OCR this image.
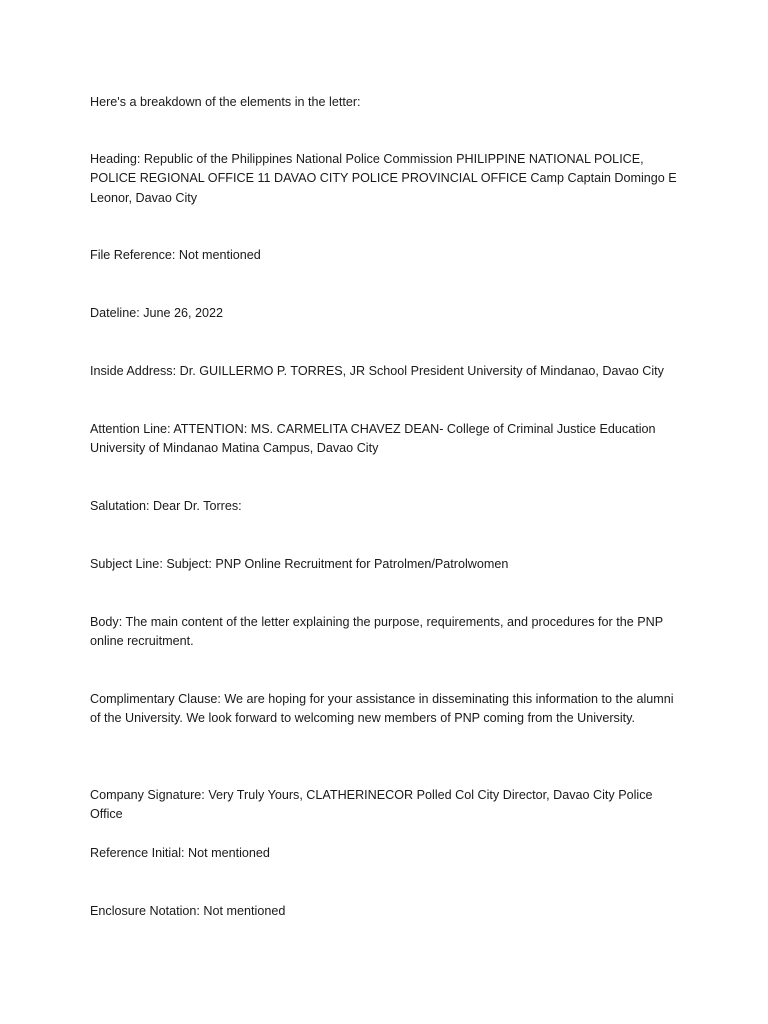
Here's a breakdown of the elements in the letter:

Heading: Republic of the Philippines National Police Commission PHILIPPINE NATIONAL POLICE, POLICE REGIONAL OFFICE 11 DAVAO CITY POLICE PROVINCIAL OFFICE Camp Captain Domingo E Leonor, Davao City

File Reference: Not mentioned

Dateline: June 26, 2022

Inside Address: Dr. GUILLERMO P. TORRES, JR School President University of Mindanao, Davao City

Attention Line: ATTENTION: MS. CARMELITA CHAVEZ DEAN- College of Criminal Justice Education University of Mindanao Matina Campus, Davao City

Salutation: Dear Dr. Torres:

Subject Line: Subject: PNP Online Recruitment for Patrolmen/Patrolwomen

Body: The main content of the letter explaining the purpose, requirements, and procedures for the PNP online recruitment.

Complimentary Clause: We are hoping for your assistance in disseminating this information to the alumni of the University. We look forward to welcoming new members of PNP coming from the University.

Company Signature: Very Truly Yours, CLATHERINECOR Polled Col City Director, Davao City Police Office

Reference Initial: Not mentioned

Enclosure Notation: Not mentioned
